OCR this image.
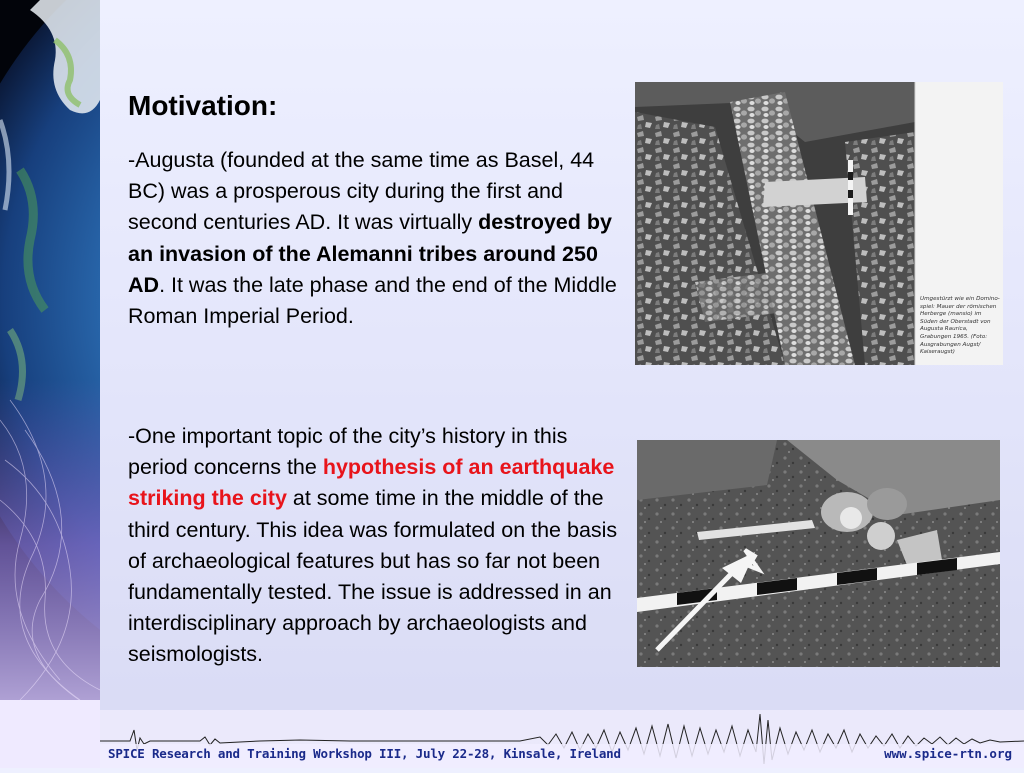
Motivation:

-Augusta (founded at the same time as Basel, 44 BC) was a prosperous city during the first and second centuries AD. It was virtually destroyed by an invasion of the Alemanni tribes around 250 AD. It was the late phase and the end of the Middle Roman Imperial Period.

-One important topic of the city’s history in this period concerns the hypothesis of an earthquake striking the city at some time in the middle of the third century. This idea was formulated on the basis of archaeological features but has so far not been fundamentally tested. The issue is addressed in an interdisciplinary approach by archaeologists and seismologists.

Umgestürzt wie ein Domino-spiel: Mauer der römischen Herberge (mansio) im Süden der Oberstadt von Augusta Raurica, Grabungen 1965. (Foto: Ausgrabungen Augst/ Kaiseraugst)
SPICE Research and Training Workshop III, July 22-28, Kinsale, Ireland	www.spice-rtn.org
